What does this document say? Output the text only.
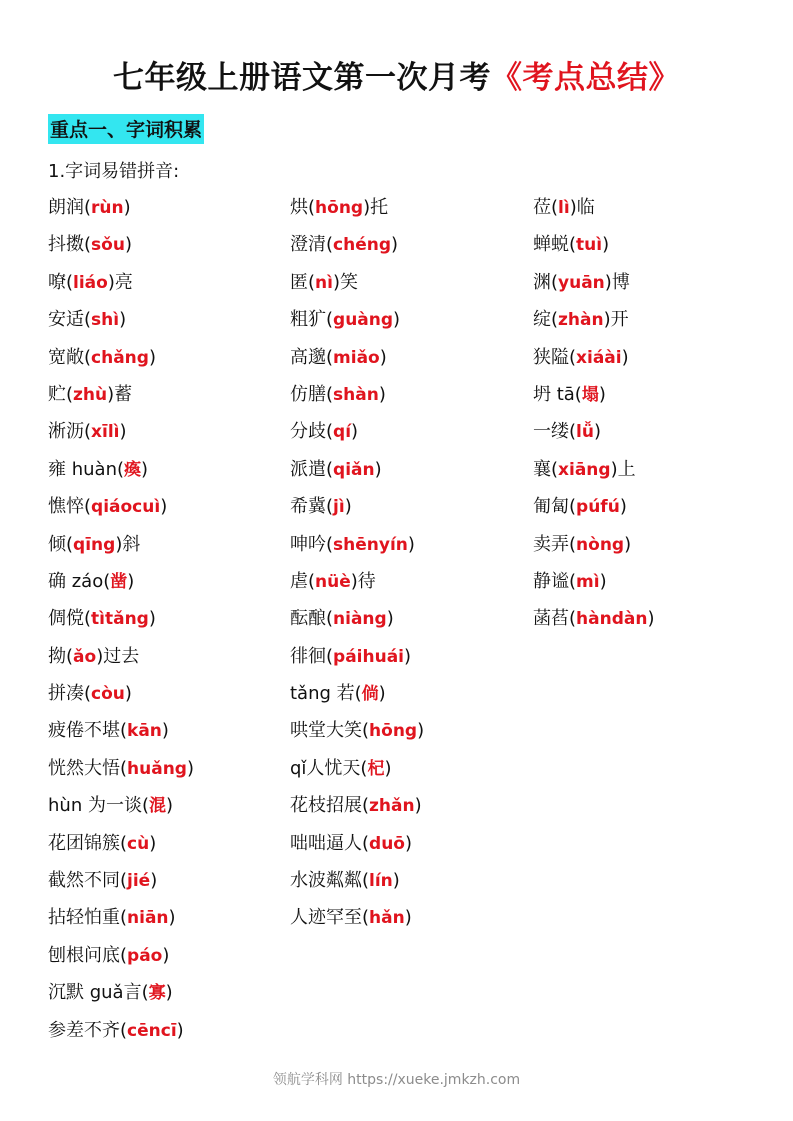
七年级上册语文第一次月考《考点总结》
重点一、字词积累
1.字词易错拼音:
朗润(rùn)
抖擞(sǒu)
嘹(liáo)亮
安适(shì)
宽敞(chǎng)
贮(zhù)蓄
淅沥(xīlì)
雍 huàn(瘓)
憔悴(qiáocuì)
倾(qīng)斜
确 záo(凿)
倜傥(tìtǎng)
拗(ǎo)过去
拼凑(còu)
疲倦不堪(kān)
恍然大悟(huǎng)
hùn 为一谈(混)
花团锦簇(cù)
截然不同(jié)
拈轻怕重(niān)
刨根问底(páo)
沉默 guǎ言(寡)
参差不齐(cēncī)
烘(hōng)托
澄清(chéng)
匿(nì)笑
粗犷(guàng)
高邈(miǎo)
仿膳(shàn)
分歧(qí)
派遣(qiǎn)
希冀(jì)
呻吟(shēnyín)
虐(nüè)待
酝酿(niàng)
徘徊(páihuái)
tǎng 若(倘)
哄堂大笑(hōng)
qǐ人忧天(杞)
花枝招展(zhǎn)
咄咄逼人(duō)
水波粼粼(lín)
人迹罕至(hǎn)
莅(lì)临
蝉蜕(tuì)
渊(yuān)博
绽(zhàn)开
狭隘(xiáài)
坍 tā(塌)
一缕(lǚ)
襄(xiāng)上
匍匐(púfú)
卖弄(nòng)
静谧(mì)
菡萏(hàndàn)
领航学科网 https://xueke.jmkzh.com
